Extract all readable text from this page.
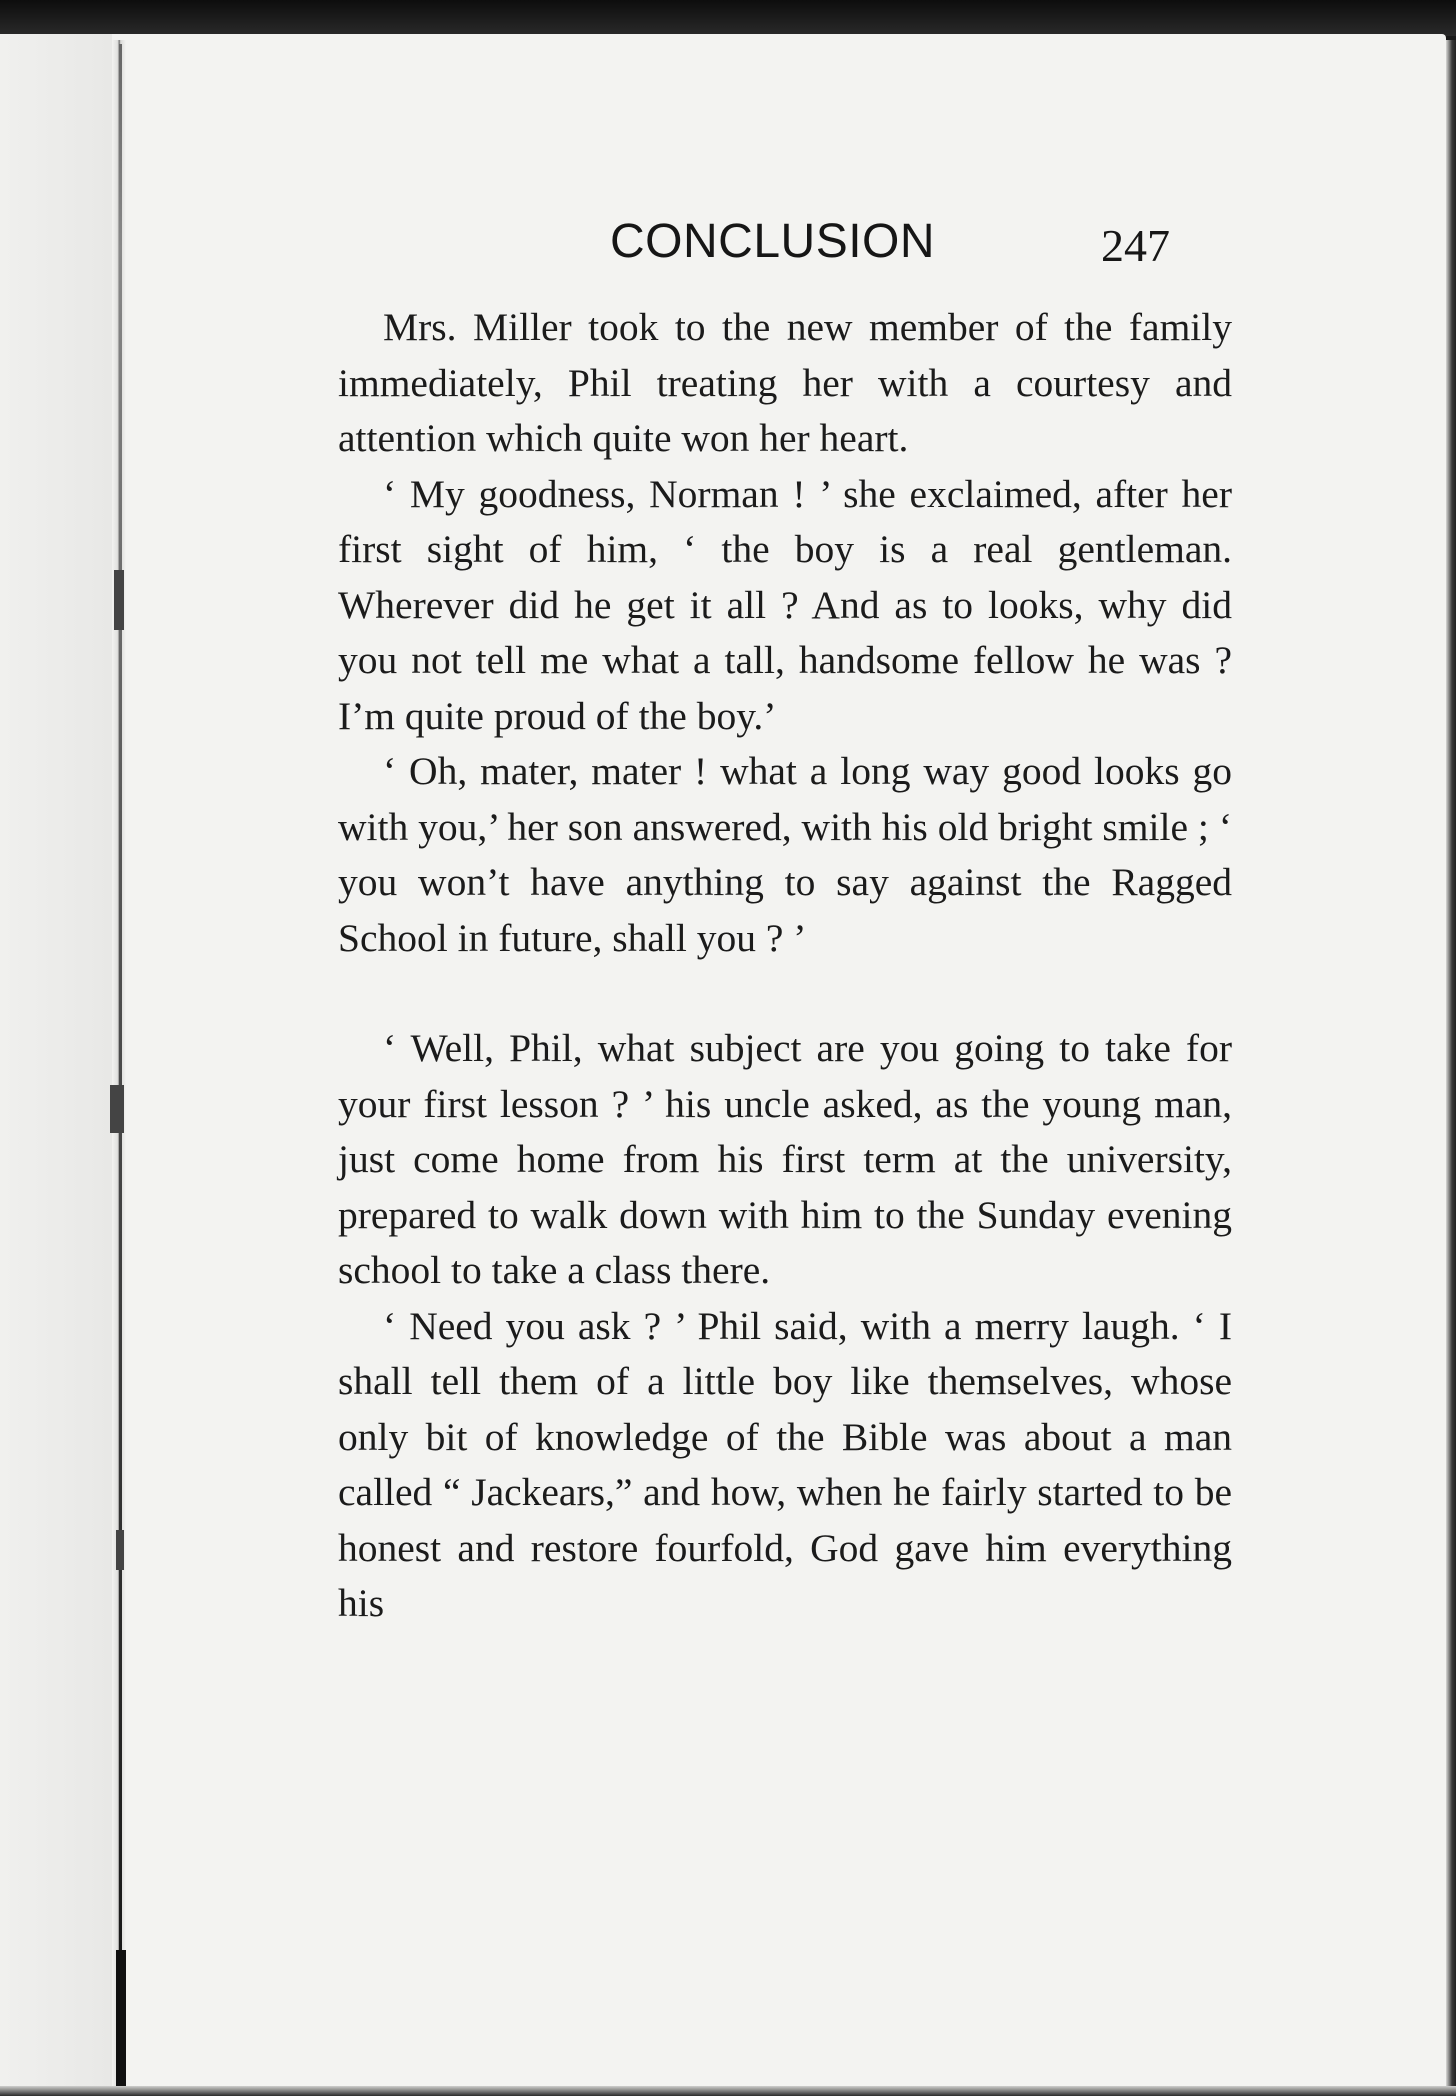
CONCLUSION	247

Mrs. Miller took to the new member of the family immediately, Phil treating her with a courtesy and attention which quite won her heart.

‘ My goodness, Norman ! ’ she exclaimed, after her first sight of him, ‘ the boy is a real gentleman. Wherever did he get it all ? And as to looks, why did you not tell me what a tall, handsome fellow he was ? I’m quite proud of the boy.’

‘ Oh, mater, mater ! what a long way good looks go with you,’ her son answered, with his old bright smile ; ‘ you won’t have anything to say against the Ragged School in future, shall you ? ’

‘ Well, Phil, what subject are you going to take for your first lesson ? ’ his uncle asked, as the young man, just come home from his first term at the university, prepared to walk down with him to the Sunday evening school to take a class there.

‘ Need you ask ? ’ Phil said, with a merry laugh. ‘ I shall tell them of a little boy like themselves, whose only bit of knowledge of the Bible was about a man called “ Jackears,” and how, when he fairly started to be honest and restore fourfold, God gave him everything his
